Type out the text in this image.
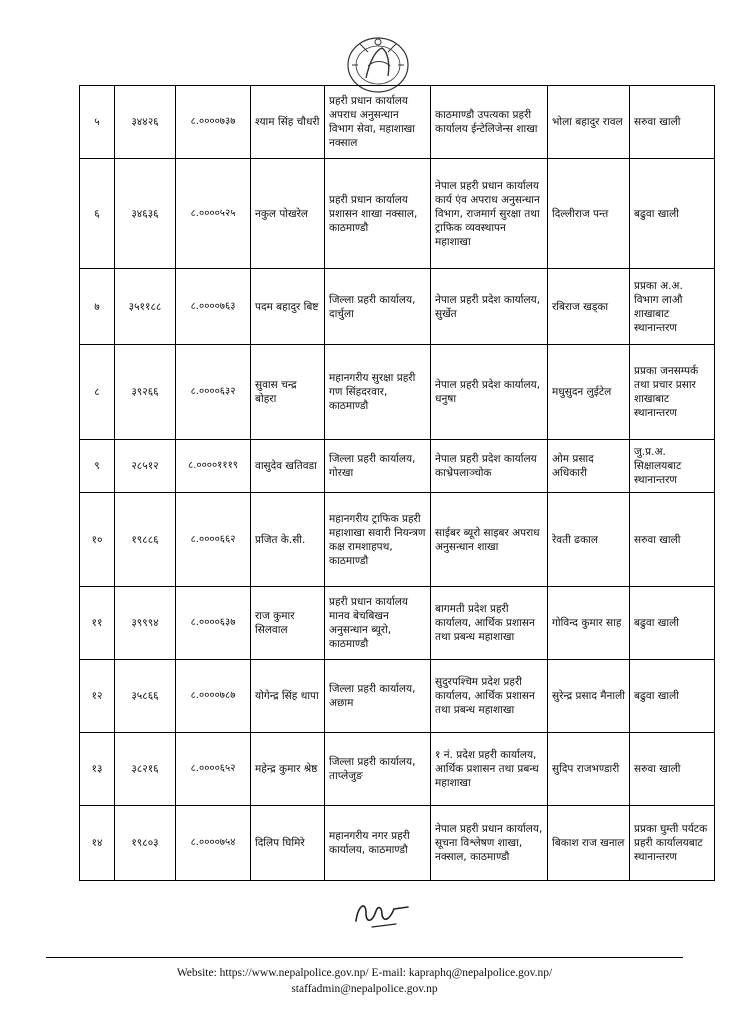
५	३४४२६	८.००००७३७	श्याम सिंह चौधरी	प्रहरी प्रधान कार्यालय अपराध अनुसन्धान विभाग सेवा, महाशाखा नक्साल	काठमाण्डौ उपत्यका प्रहरी कार्यालय ईन्टेलिजेन्स शाखा	भोला बहादुर रावल	सरुवा खाली
६	३४६३६	८.००००५२५	नकुल पोखरेल	प्रहरी प्रधान कार्यालय प्रशासन शाखा नक्साल, काठमाण्डौ	नेपाल प्रहरी प्रधान कार्यालय कार्य एंव अपराध अनुसन्धान विभाग, राजमार्ग सुरक्षा तथा ट्राफिक व्यवस्थापन महाशाखा	दिल्लीराज पन्त	बढुवा खाली
७	३५११८८	८.००००७६३	पदम बहादुर बिष्ट	जिल्ला प्रहरी कार्यालय, दार्चुला	नेपाल प्रहरी प्रदेश कार्यालय, सुर्खेत	रबिराज खड्का	प्रप्रका अ.अ. विभाग लाऔ शाखाबाट स्थानान्तरण
८	३९२६६	८.००००६३२	सुवास चन्द्र बोहरा	महानगरीय सुरक्षा प्रहरी गण सिंहदरवार, काठमाण्डौ	नेपाल प्रहरी प्रदेश कार्यालय, धनुषा	मधुसुदन लुईटेल	प्रप्रका जनसम्पर्क तथा प्रचार प्रसार शाखाबाट स्थानान्तरण
९	२८५१२	८.००००१११९	वासुदेव खतिवडा	जिल्ला प्रहरी कार्यालय, गोरखा	नेपाल प्रहरी प्रदेश कार्यालय काभ्रेपलाञ्चोक	ओम प्रसाद अधिकारी	जु.प्र.अ. सिक्षालयबाट स्थानान्तरण
१०	१९८८६	८.००००६६२	प्रजित के.सी.	महानगरीय ट्राफिक प्रहरी महाशाखा सवारी नियन्त्रण कक्ष रामशाहपथ, काठमाण्डौ	साईबर ब्यूरो साइबर अपराध अनुसन्धान शाखा	रेवती ढकाल	सरुवा खाली
११	३९९९४	८.००००६३७	राज कुमार सिलवाल	प्रहरी प्रधान कार्यालय मानव बेचबिखन अनुसन्धान ब्यूरो, काठमाण्डौ	बागमती प्रदेश प्रहरी कार्यालय, आर्थिक प्रशासन तथा प्रबन्ध महाशाखा	गोविन्द कुमार साह	बढुवा खाली
१२	३५८६६	८.००००७८७	योगेन्द्र सिंह थापा	जिल्ला प्रहरी कार्यालय, अछाम	सुदुरपश्चिम प्रदेश प्रहरी कार्यालय, आर्थिक प्रशासन तथा प्रबन्ध महाशाखा	सुरेन्द्र प्रसाद मैनाली	बढुवा खाली
१३	३८२१६	८.००००६५२	महेन्द्र कुमार श्रेष्ठ	जिल्ला प्रहरी कार्यालय, ताप्लेजुङ	१ नं. प्रदेश प्रहरी कार्यालय, आर्थिक प्रशासन तथा प्रबन्ध महाशाखा	सुदिप राजभण्डारी	सरुवा खाली
१४	१९८०३	८.००००७५४	दिलिप घिमिरे	महानगरीय नगर प्रहरी कार्यालय, काठमाण्डौ	नेपाल प्रहरी प्रधान कार्यालय, सूचना विश्लेषण शाखा, नक्साल, काठमाण्डौ	बिकाश राज खनाल	प्रप्रका घुम्ती पर्यटक प्रहरी कार्यालयबाट स्थानान्तरण
Website: https://www.nepalpolice.gov.np/ E-mail: kapraphq@nepalpolice.gov.np/
staffadmin@nepalpolice.gov.np
